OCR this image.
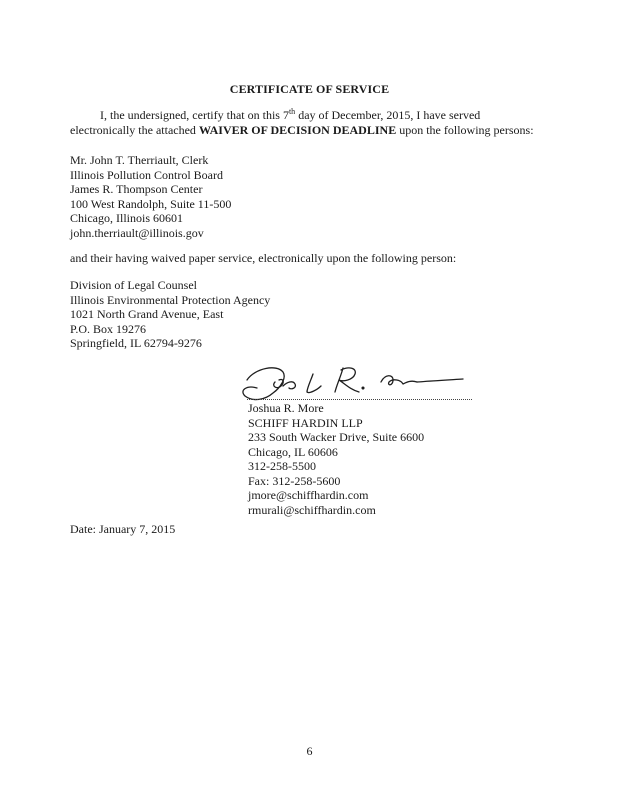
CERTIFICATE OF SERVICE
I, the undersigned, certify that on this 7th day of December, 2015, I have served
electronically the attached WAIVER OF DECISION DEADLINE upon the following persons:
Mr. John T. Therriault, Clerk
Illinois Pollution Control Board
James R. Thompson Center
100 West Randolph, Suite 11-500
Chicago, Illinois 60601
john.therriault@illinois.gov
and their having waived paper service, electronically upon the following person:
Division of Legal Counsel
Illinois Environmental Protection Agency
1021 North Grand Avenue, East
P.O. Box 19276
Springfield, IL 62794-9276
Joshua R. More
SCHIFF HARDIN LLP
233 South Wacker Drive, Suite 6600
Chicago, IL 60606
312-258-5500
Fax: 312-258-5600
jmore@schiffhardin.com
rmurali@schiffhardin.com
Date: January 7, 2015
6
